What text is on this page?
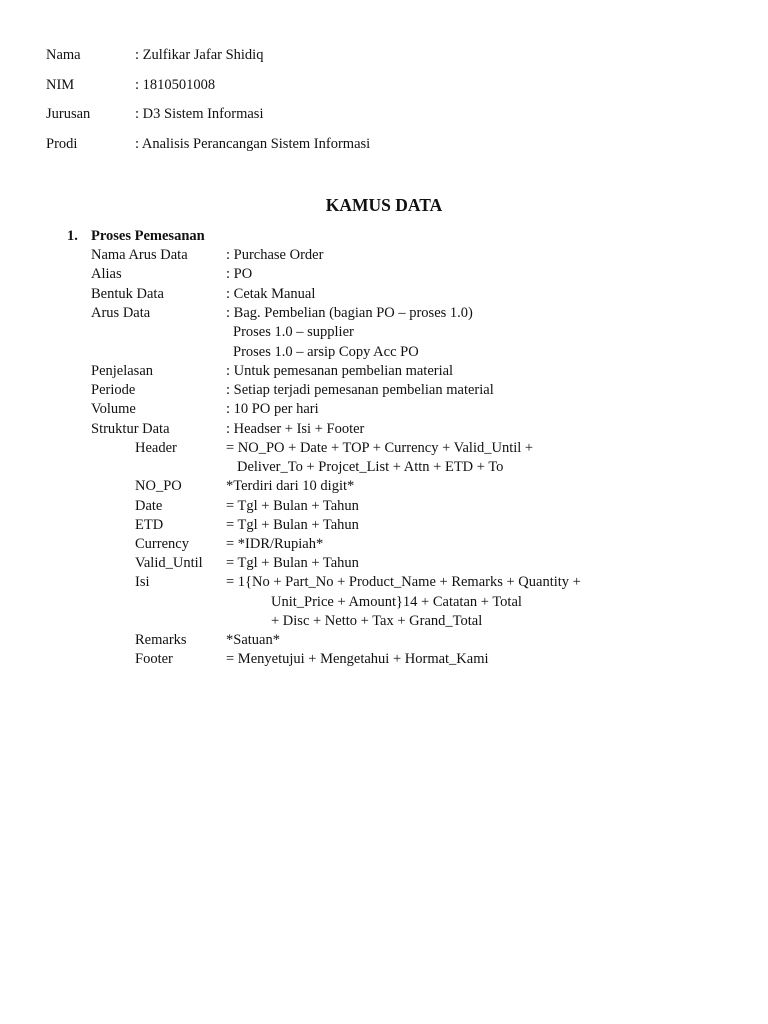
Nama	: Zulfikar Jafar Shidiq
NIM	: 1810501008
Jurusan	: D3 Sistem Informasi
Prodi	: Analisis Perancangan Sistem Informasi
KAMUS DATA
1. Proses Pemesanan
Nama Arus Data	: Purchase Order
Alias	: PO
Bentuk Data	: Cetak Manual
Arus Data	: Bag. Pembelian (bagian PO – proses 1.0)
Proses 1.0 – supplier
Proses 1.0 – arsip Copy Acc PO
Penjelasan	: Untuk pemesanan pembelian material
Periode	: Setiap terjadi pemesanan pembelian material
Volume	: 10 PO per hari
Struktur Data	: Headser + Isi + Footer
Header	= NO_PO + Date + TOP + Currency + Valid_Until +
Deliver_To + Projcet_List + Attn + ETD + To
NO_PO	*Terdiri dari 10 digit*
Date	= Tgl + Bulan + Tahun
ETD	= Tgl + Bulan + Tahun
Currency	= *IDR/Rupiah*
Valid_Until = Tgl + Bulan + Tahun
Isi	= 1{No + Part_No + Product_Name + Remarks + Quantity +
Unit_Price + Amount}14 + Catatan + Total
+ Disc + Netto + Tax + Grand_Total
Remarks	*Satuan*
Footer	= Menyetujui + Mengetahui + Hormat_Kami
